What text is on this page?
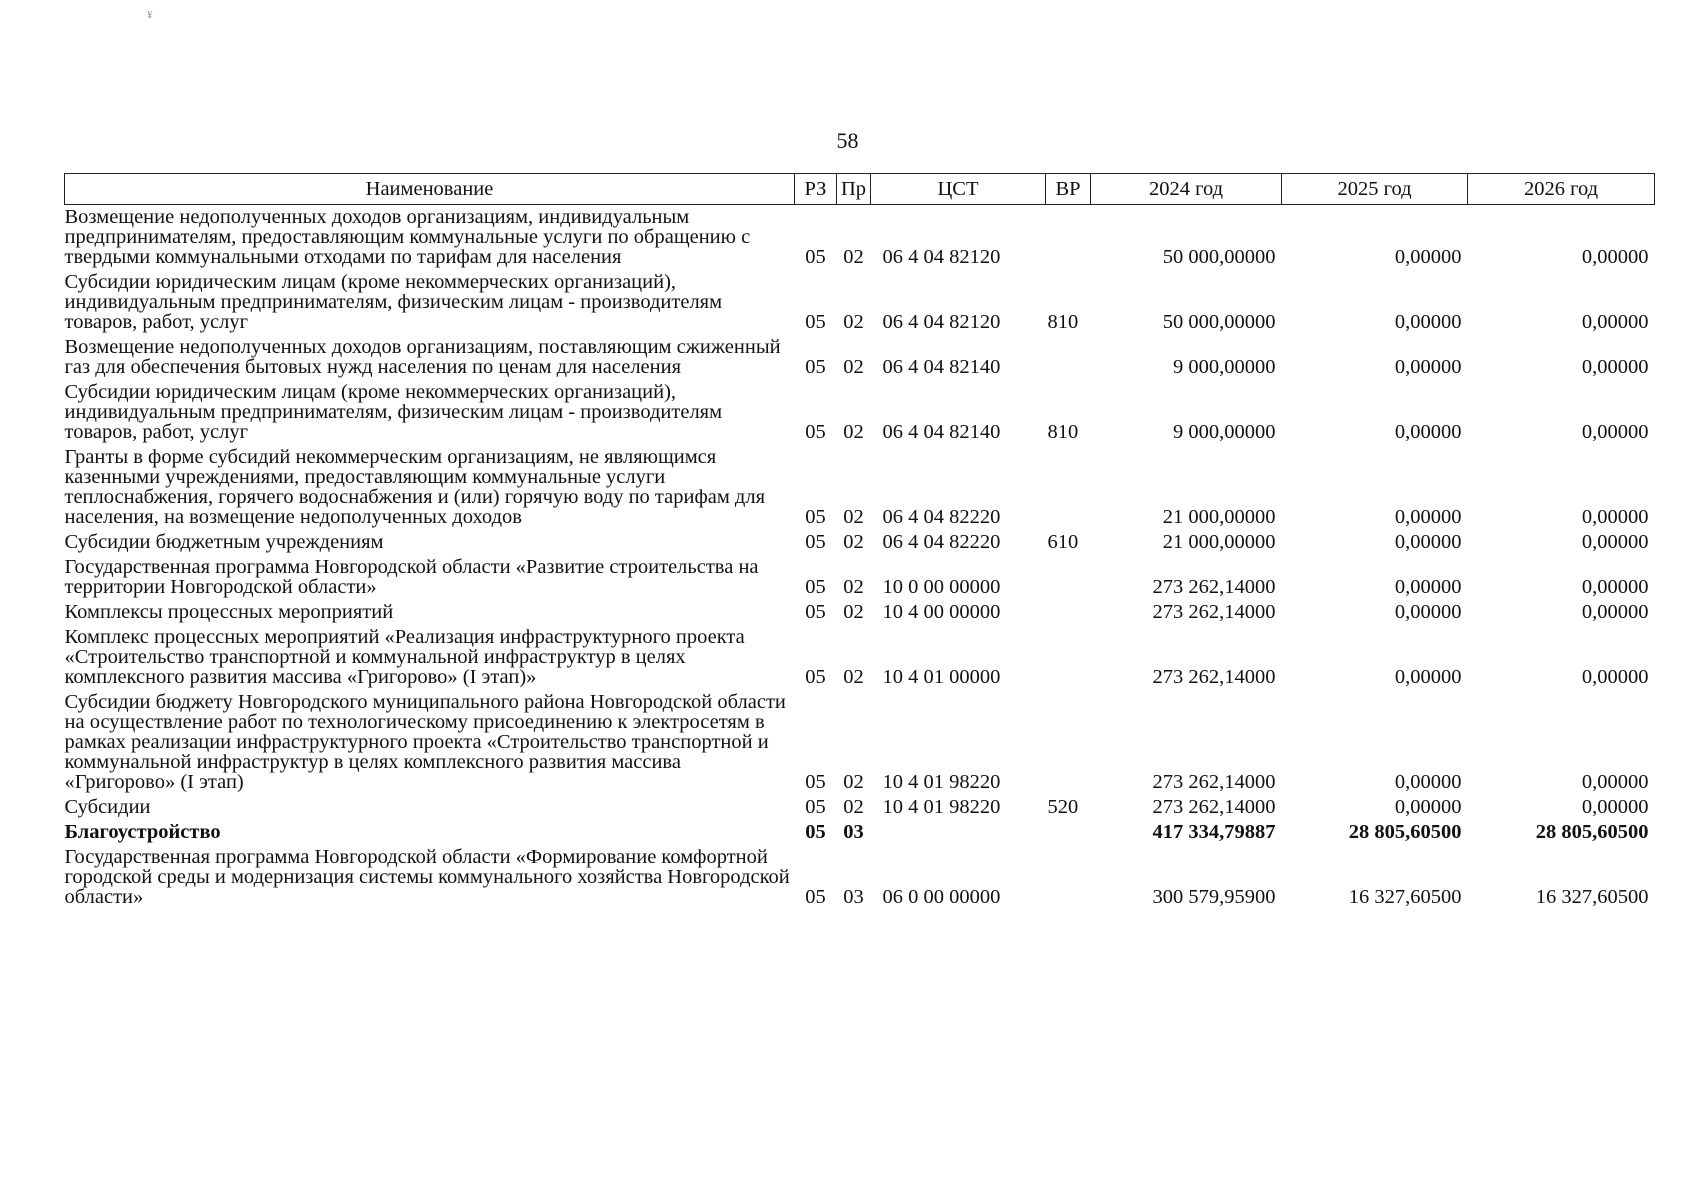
¥
58
Наименование	РЗ	Пр	ЦСТ	ВР	2024 год	2025 год	2026 год
Возмещение недополученных доходов организациям, индивидуальным предпринимателям, предоставляющим коммунальные услуги по обращению с твердыми коммунальными отходами по тарифам для населения	05	02	06 4 04 82120		50 000,00000	0,00000	0,00000
Субсидии юридическим лицам (кроме некоммерческих организаций), индивидуальным предпринимателям, физическим лицам - производителям товаров, работ, услуг	05	02	06 4 04 82120	810	50 000,00000	0,00000	0,00000
Возмещение недополученных доходов организациям, поставляющим сжиженный газ для обеспечения бытовых нужд населения по ценам для населения	05	02	06 4 04 82140		9 000,00000	0,00000	0,00000
Субсидии юридическим лицам (кроме некоммерческих организаций), индивидуальным предпринимателям, физическим лицам - производителям товаров, работ, услуг	05	02	06 4 04 82140	810	9 000,00000	0,00000	0,00000
Гранты в форме субсидий некоммерческим организациям, не являющимся казенными учреждениями, предоставляющим коммунальные услуги теплоснабжения, горячего водоснабжения и (или) горячую воду по тарифам для населения, на возмещение недополученных доходов	05	02	06 4 04 82220		21 000,00000	0,00000	0,00000
Субсидии бюджетным учреждениям	05	02	06 4 04 82220	610	21 000,00000	0,00000	0,00000
Государственная программа Новгородской области «Развитие строительства на территории Новгородской области»	05	02	10 0 00 00000		273 262,14000	0,00000	0,00000
Комплексы процессных мероприятий	05	02	10 4 00 00000		273 262,14000	0,00000	0,00000
Комплекс процессных мероприятий «Реализация инфраструктурного проекта «Строительство транспортной и коммунальной инфраструктур в целях комплексного развития массива «Григорово» (I этап)»	05	02	10 4 01 00000		273 262,14000	0,00000	0,00000
Субсидии бюджету Новгородского муниципального района Новгородской области на осуществление работ по технологическому присоединению к электросетям в рамках реализации инфраструктурного проекта «Строительство транспортной и коммунальной инфраструктур в целях комплексного развития массива «Григорово» (I этап)	05	02	10 4 01 98220		273 262,14000	0,00000	0,00000
Субсидии	05	02	10 4 01 98220	520	273 262,14000	0,00000	0,00000
Благоустройство	05	03			417 334,79887	28 805,60500	28 805,60500
Государственная программа Новгородской области «Формирование комфортной городской среды и модернизация системы коммунального хозяйства Новгородской области»	05	03	06 0 00 00000		300 579,95900	16 327,60500	16 327,60500
